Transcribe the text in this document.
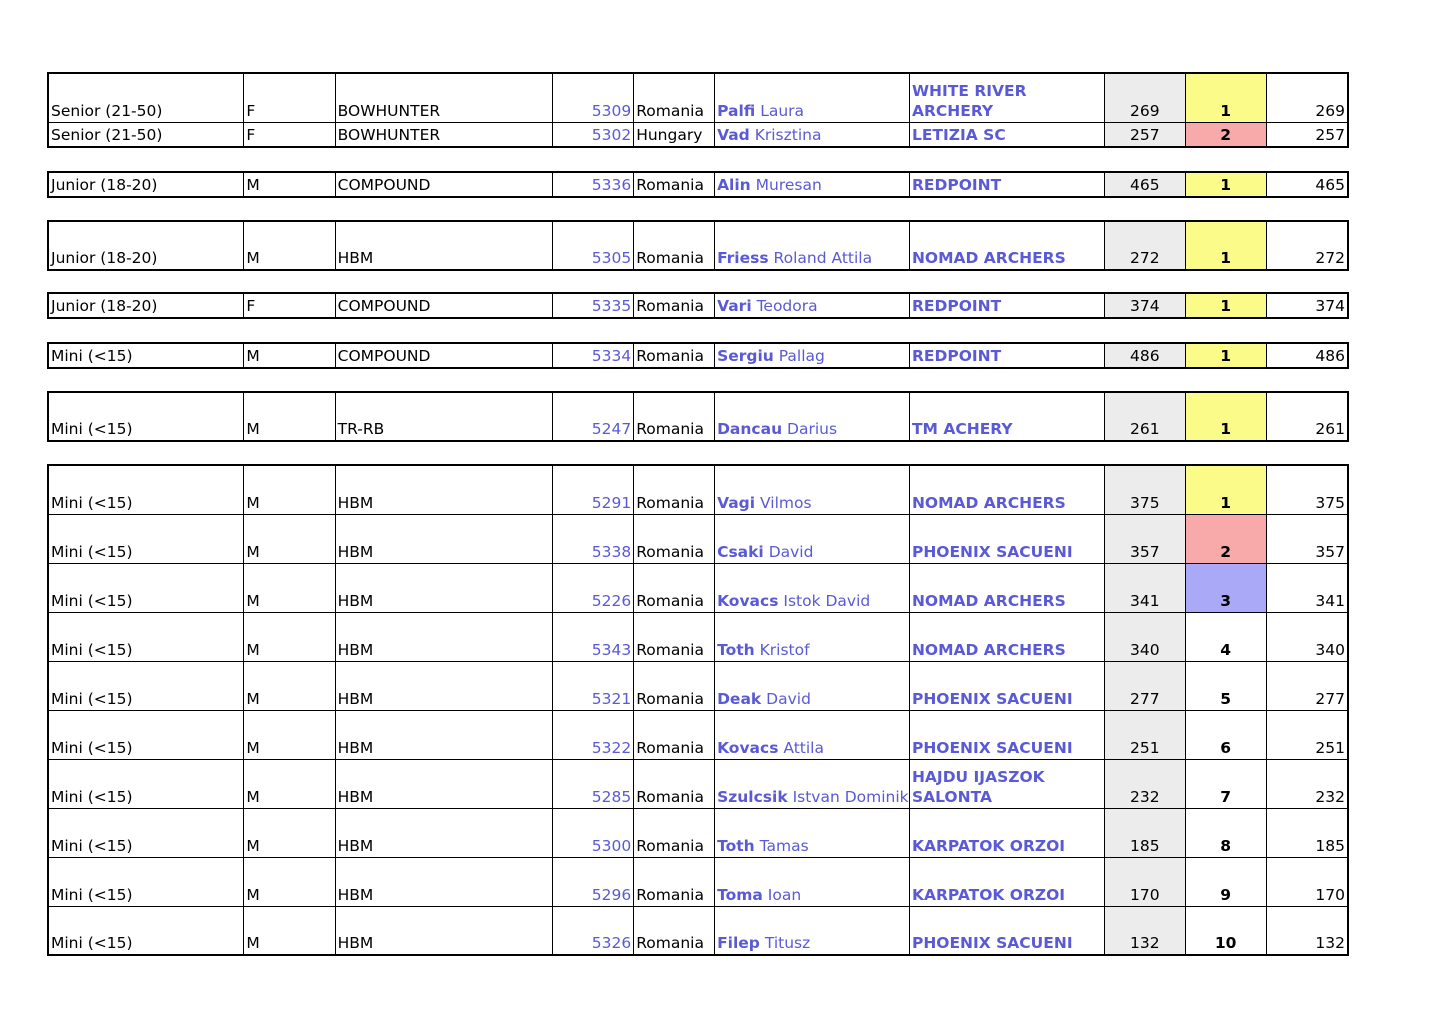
Senior (21-50)	F	BOWHUNTER	5309	Romania	Palfi Laura	WHITE RIVER ARCHERY	269	1	269
Senior (21-50)	F	BOWHUNTER	5302	Hungary	Vad Krisztina	LETIZIA SC	257	2	257
Junior (18-20)	M	COMPOUND	5336	Romania	Alin Muresan	REDPOINT	465	1	465
Junior (18-20)	M	HBM	5305	Romania	Friess Roland Attila	NOMAD ARCHERS	272	1	272
Junior (18-20)	F	COMPOUND	5335	Romania	Vari Teodora	REDPOINT	374	1	374
Mini (<15)	M	COMPOUND	5334	Romania	Sergiu Pallag	REDPOINT	486	1	486
Mini (<15)	M	TR-RB	5247	Romania	Dancau Darius	TM ACHERY	261	1	261
Mini (<15)	M	HBM	5291	Romania	Vagi Vilmos	NOMAD ARCHERS	375	1	375
Mini (<15)	M	HBM	5338	Romania	Csaki David	PHOENIX SACUENI	357	2	357
Mini (<15)	M	HBM	5226	Romania	Kovacs Istok David	NOMAD ARCHERS	341	3	341
Mini (<15)	M	HBM	5343	Romania	Toth Kristof	NOMAD ARCHERS	340	4	340
Mini (<15)	M	HBM	5321	Romania	Deak David	PHOENIX SACUENI	277	5	277
Mini (<15)	M	HBM	5322	Romania	Kovacs Attila	PHOENIX SACUENI	251	6	251
Mini (<15)	M	HBM	5285	Romania	Szulcsik Istvan Dominik	HAJDU IJASZOK SALONTA	232	7	232
Mini (<15)	M	HBM	5300	Romania	Toth Tamas	KARPATOK ORZOI	185	8	185
Mini (<15)	M	HBM	5296	Romania	Toma Ioan	KARPATOK ORZOI	170	9	170
Mini (<15)	M	HBM	5326	Romania	Filep Titusz	PHOENIX SACUENI	132	10	132
